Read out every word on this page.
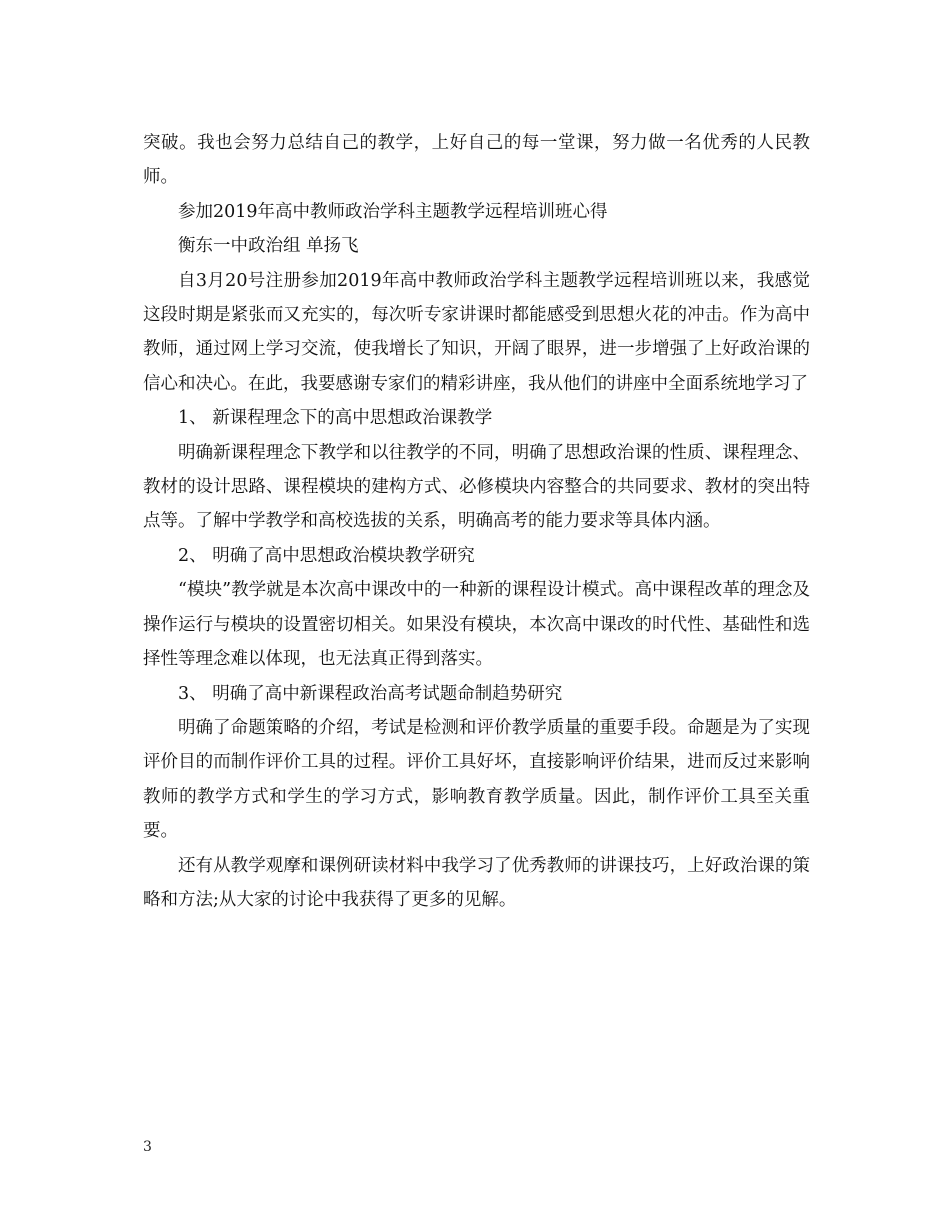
突破。我也会努力总结自己的教学，上好自己的每一堂课，努力做一名优秀的人民教师。

参加2019年高中教师政治学科主题教学远程培训班心得

衡东一中政治组 单扬飞

自3月20号注册参加2019年高中教师政治学科主题教学远程培训班以来，我感觉这段时期是紧张而又充实的，每次听专家讲课时都能感受到思想火花的冲击。作为高中教师，通过网上学习交流，使我增长了知识，开阔了眼界，进一步增强了上好政治课的信心和决心。在此，我要感谢专家们的精彩讲座，我从他们的讲座中全面系统地学习了

1、 新课程理念下的高中思想政治课教学

明确新课程理念下教学和以往教学的不同，明确了思想政治课的性质、课程理念、教材的设计思路、课程模块的建构方式、必修模块内容整合的共同要求、教材的突出特点等。了解中学教学和高校选拔的关系，明确高考的能力要求等具体内涵。

2、 明确了高中思想政治模块教学研究

“模块”教学就是本次高中课改中的一种新的课程设计模式。高中课程改革的理念及操作运行与模块的设置密切相关。如果没有模块，本次高中课改的时代性、基础性和选择性等理念难以体现，也无法真正得到落实。

3、 明确了高中新课程政治高考试题命制趋势研究

明确了命题策略的介绍，考试是检测和评价教学质量的重要手段。命题是为了实现评价目的而制作评价工具的过程。评价工具好坏，直接影响评价结果，进而反过来影响教师的教学方式和学生的学习方式，影响教育教学质量。因此，制作评价工具至关重要。

还有从教学观摩和课例研读材料中我学习了优秀教师的讲课技巧，上好政治课的策略和方法;从大家的讨论中我获得了更多的见解。

3
